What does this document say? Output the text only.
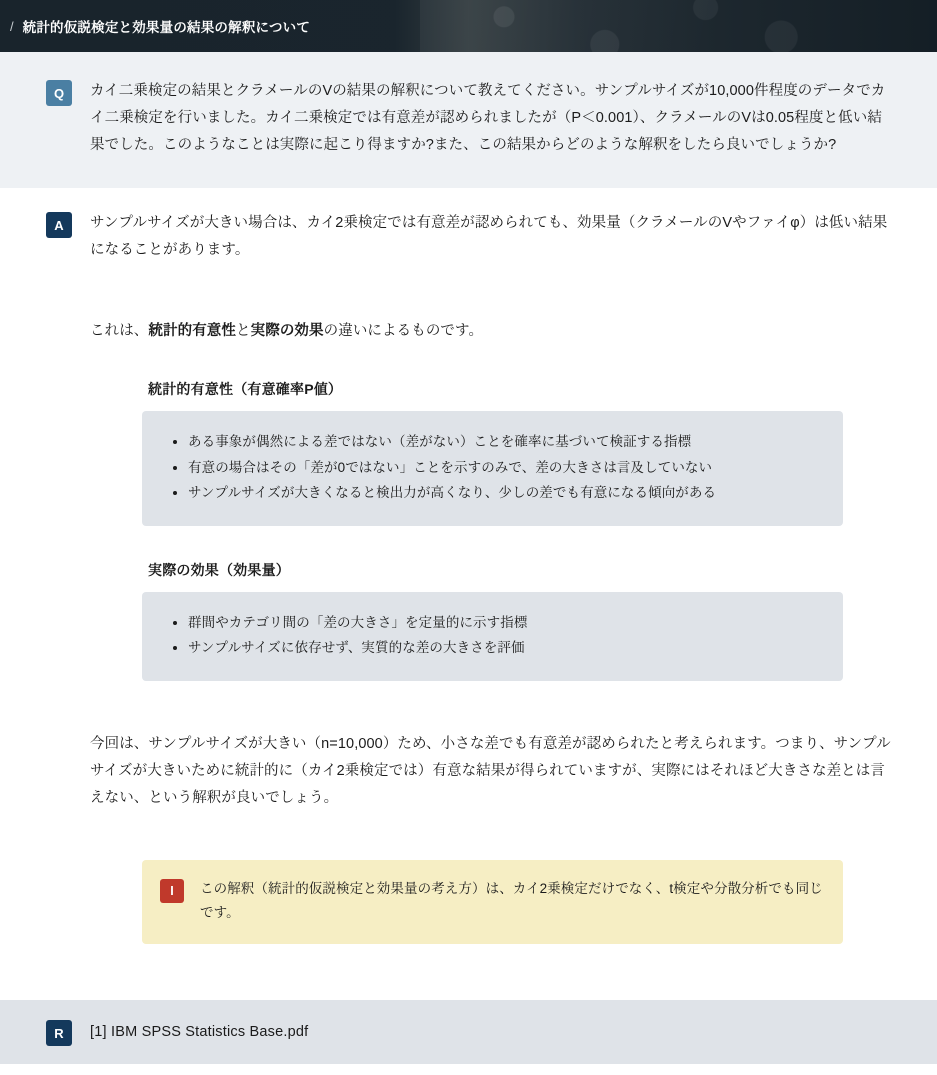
/ 統計的仮説検定と効果量の結果の解釈について
Q	カイ二乗検定の結果とクラメールのVの結果の解釈について教えてください。サンプルサイズが10,000件程度のデータでカイ二乗検定を行いました。カイ二乗検定では有意差が認められましたが（P＜0.001）、クラメールのVは0.05程度と低い結果でした。このようなことは実際に起こり得ますか?また、この結果からどのような解釈をしたら良いでしょうか?
A	サンプルサイズが大きい場合は、カイ2乗検定では有意差が認められても、効果量（クラメールのVやファイφ）は低い結果になることがあります。
これは、統計的有意性と実際の効果の違いによるものです。
統計的有意性（有意確率P値）
• ある事象が偶然による差ではない（差がない）ことを確率に基づいて検証する指標
• 有意の場合はその「差が0ではない」ことを示すのみで、差の大きさは言及していない
• サンプルサイズが大きくなると検出力が高くなり、少しの差でも有意になる傾向がある
実際の効果（効果量）
• 群間やカテゴリ間の「差の大きさ」を定量的に示す指標
• サンプルサイズに依存せず、実質的な差の大きさを評価
今回は、サンプルサイズが大きい（n=10,000）ため、小さな差でも有意差が認められたと考えられます。つまり、サンプルサイズが大きいために統計的に（カイ2乗検定では）有意な結果が得られていますが、実際にはそれほど大きさな差とは言えない、という解釈が良いでしょう。
I	この解釈（統計的仮説検定と効果量の考え方）は、カイ2乗検定だけでなく、t検定や分散分析でも同じです。
R	[1] IBM SPSS Statistics Base.pdf
